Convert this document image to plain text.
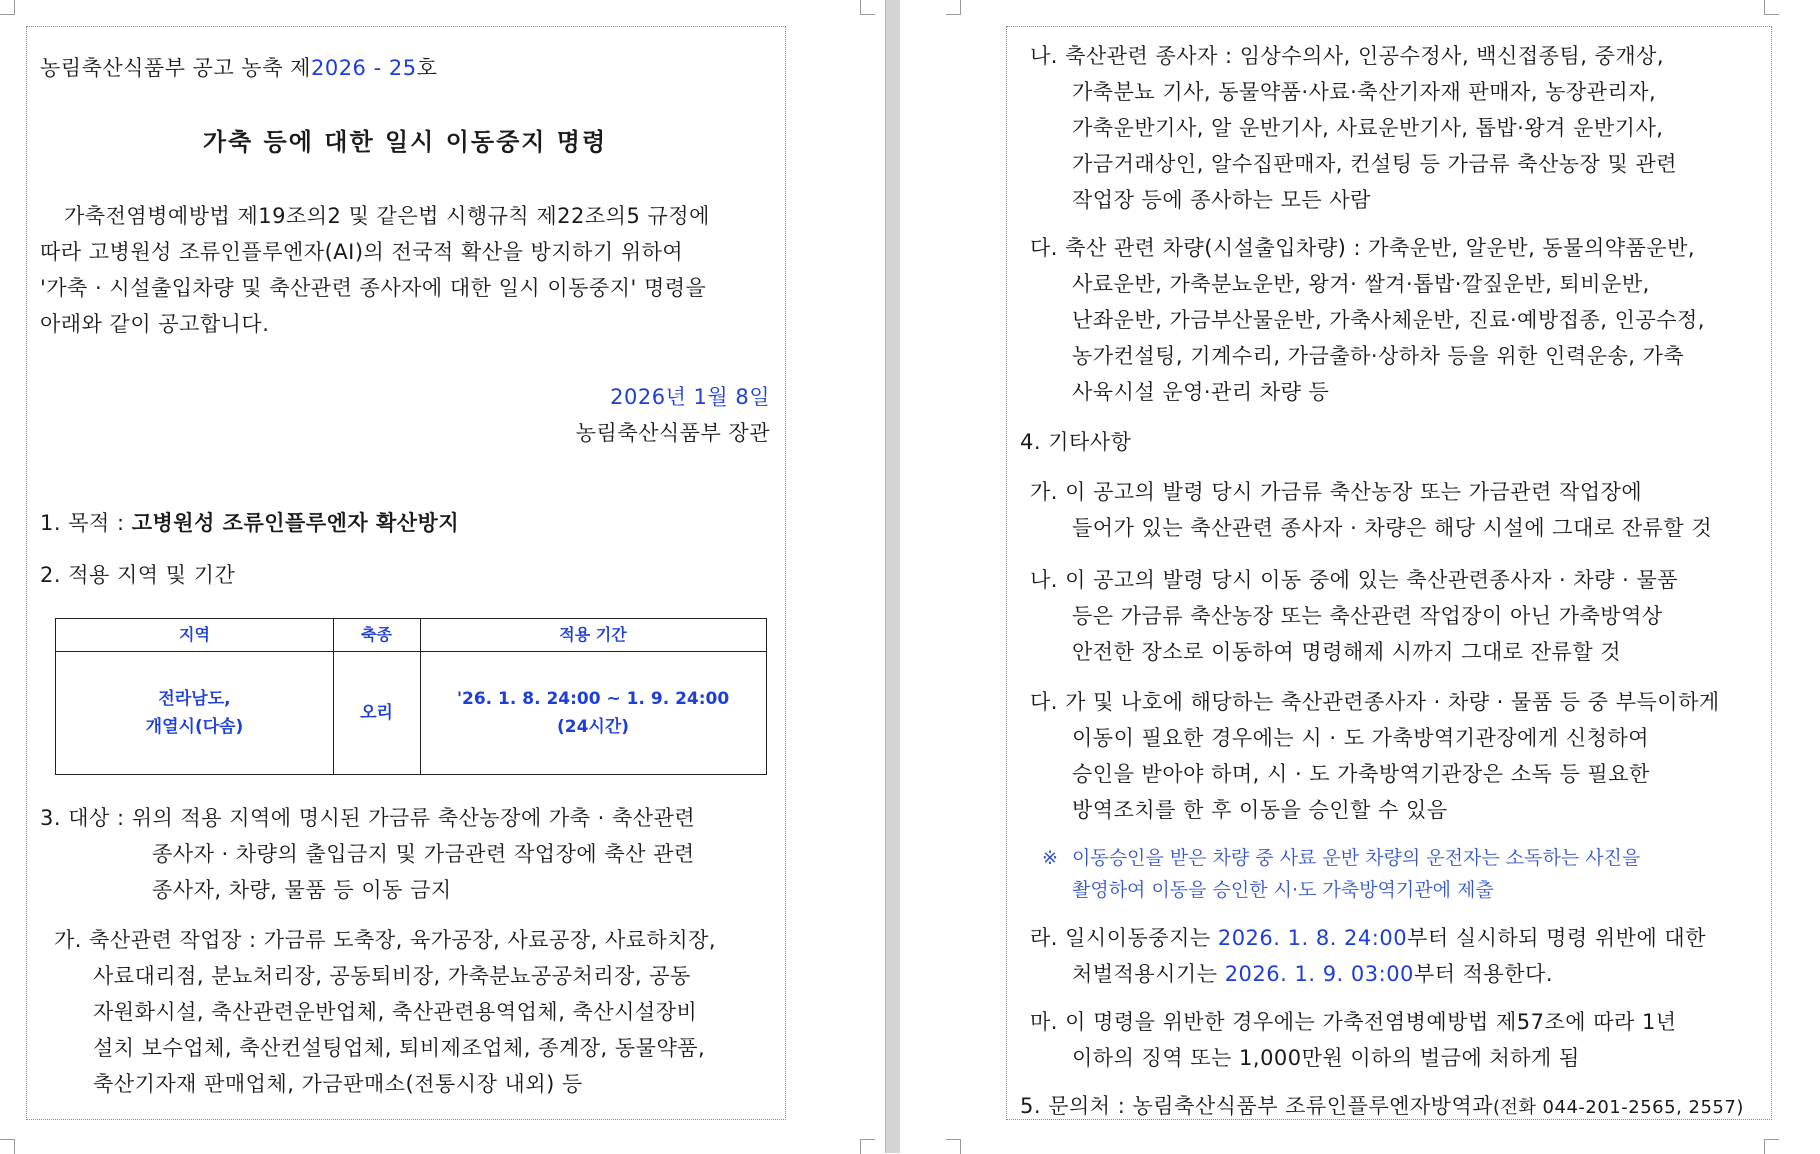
농림축산식품부 공고 농축 제2026 - 25호
가축 등에 대한 일시 이동중지 명령
가축전염병예방법 제19조의2 및 같은법 시행규칙 제22조의5 규정에
따라 고병원성 조류인플루엔자(AI)의 전국적 확산을 방지하기 위하여
'가축 · 시설출입차량 및 축산관련 종사자에 대한 일시 이동중지' 명령을
아래와 같이 공고합니다.
2026년 1월 8일
농림축산식품부 장관
1. 목적 : 고병원성 조류인플루엔자 확산방지
2. 적용 지역 및 기간
지역	축종	적용 기간
전라남도,
개열시(다솜)
오리
'26. 1. 8. 24:00 ~ 1. 9. 24:00
(24시간)
3. 대상 : 위의 적용 지역에 명시된 가금류 축산농장에 가축 · 축산관련
종사자 · 차량의 출입금지 및 가금관련 작업장에 축산 관련
종사자, 차량, 물품 등 이동 금지
가. 축산관련 작업장 : 가금류 도축장, 육가공장, 사료공장, 사료하치장,
사료대리점, 분뇨처리장, 공동퇴비장, 가축분뇨공공처리장, 공동
자원화시설, 축산관련운반업체, 축산관련용역업체, 축산시설장비
설치 보수업체, 축산컨설팅업체, 퇴비제조업체, 종계장, 동물약품,
축산기자재 판매업체, 가금판매소(전통시장 내외) 등
나. 축산관련 종사자 : 임상수의사, 인공수정사, 백신접종팀, 중개상,
가축분뇨 기사, 동물약품·사료·축산기자재 판매자, 농장관리자,
가축운반기사, 알 운반기사, 사료운반기사, 톱밥·왕겨 운반기사,
가금거래상인, 알수집판매자, 컨설팅 등 가금류 축산농장 및 관련
작업장 등에 종사하는 모든 사람
다. 축산 관련 차량(시설출입차량) : 가축운반, 알운반, 동물의약품운반,
사료운반, 가축분뇨운반, 왕겨· 쌀겨·톱밥·깔짚운반, 퇴비운반,
난좌운반, 가금부산물운반, 가축사체운반, 진료·예방접종, 인공수정,
농가컨설팅, 기계수리, 가금출하·상하차 등을 위한 인력운송, 가축
사육시설 운영·관리 차량 등
4. 기타사항
가. 이 공고의 발령 당시 가금류 축산농장 또는 가금관련 작업장에
들어가 있는 축산관련 종사자 · 차량은 해당 시설에 그대로 잔류할 것
나. 이 공고의 발령 당시 이동 중에 있는 축산관련종사자 · 차량 · 물품
등은 가금류 축산농장 또는 축산관련 작업장이 아닌 가축방역상
안전한 장소로 이동하여 명령해제 시까지 그대로 잔류할 것
다. 가 및 나호에 해당하는 축산관련종사자 · 차량 · 물품 등 중 부득이하게
이동이 필요한 경우에는 시 · 도 가축방역기관장에게 신청하여
승인을 받아야 하며, 시 · 도 가축방역기관장은 소독 등 필요한
방역조치를 한 후 이동을 승인할 수 있음
※ 이동승인을 받은 차량 중 사료 운반 차량의 운전자는 소독하는 사진을
촬영하여 이동을 승인한 시·도 가축방역기관에 제출
라. 일시이동중지는 2026. 1. 8. 24:00부터 실시하되 명령 위반에 대한
처벌적용시기는 2026. 1. 9. 03:00부터 적용한다.
마. 이 명령을 위반한 경우에는 가축전염병예방법 제57조에 따라 1년
이하의 징역 또는 1,000만원 이하의 벌금에 처하게 됨
5. 문의처 : 농림축산식품부 조류인플루엔자방역과(전화 044-201-2565, 2557)
